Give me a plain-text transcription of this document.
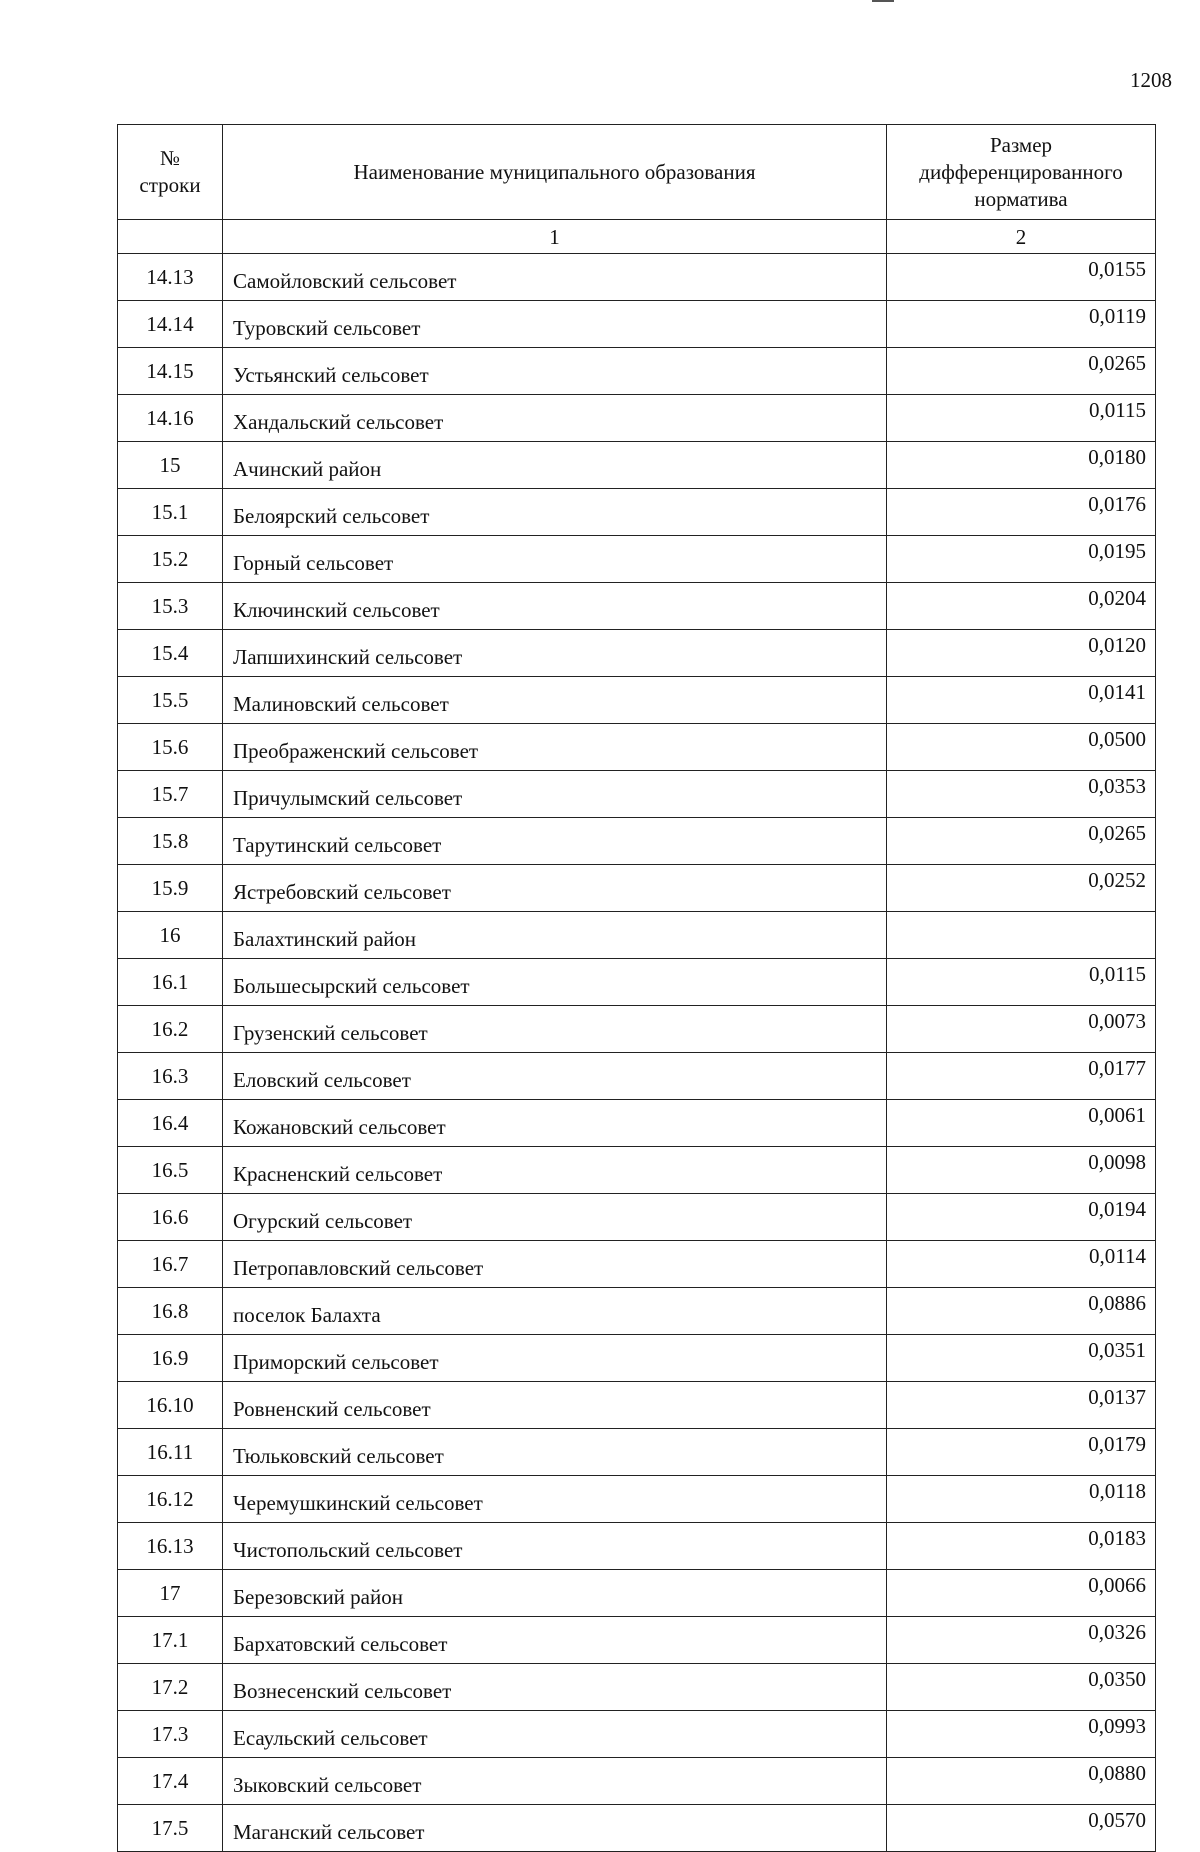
1208
№ строки	Наименование муниципального образования	Размер дифференцированного норматива
	1	2
14.13	Самойловский сельсовет	0,0155
14.14	Туровский сельсовет	0,0119
14.15	Устьянский сельсовет	0,0265
14.16	Хандальский сельсовет	0,0115
15	Ачинский район	0,0180
15.1	Белоярский сельсовет	0,0176
15.2	Горный сельсовет	0,0195
15.3	Ключинский сельсовет	0,0204
15.4	Лапшихинский сельсовет	0,0120
15.5	Малиновский сельсовет	0,0141
15.6	Преображенский сельсовет	0,0500
15.7	Причулымский сельсовет	0,0353
15.8	Тарутинский сельсовет	0,0265
15.9	Ястребовский сельсовет	0,0252
16	Балахтинский район	
16.1	Большесырский сельсовет	0,0115
16.2	Грузенский сельсовет	0,0073
16.3	Еловский сельсовет	0,0177
16.4	Кожановский сельсовет	0,0061
16.5	Красненский сельсовет	0,0098
16.6	Огурский сельсовет	0,0194
16.7	Петропавловский сельсовет	0,0114
16.8	поселок Балахта	0,0886
16.9	Приморский сельсовет	0,0351
16.10	Ровненский сельсовет	0,0137
16.11	Тюльковский сельсовет	0,0179
16.12	Черемушкинский сельсовет	0,0118
16.13	Чистопольский сельсовет	0,0183
17	Березовский район	0,0066
17.1	Бархатовский сельсовет	0,0326
17.2	Вознесенский сельсовет	0,0350
17.3	Есаульский сельсовет	0,0993
17.4	Зыковский сельсовет	0,0880
17.5	Маганский сельсовет	0,0570
